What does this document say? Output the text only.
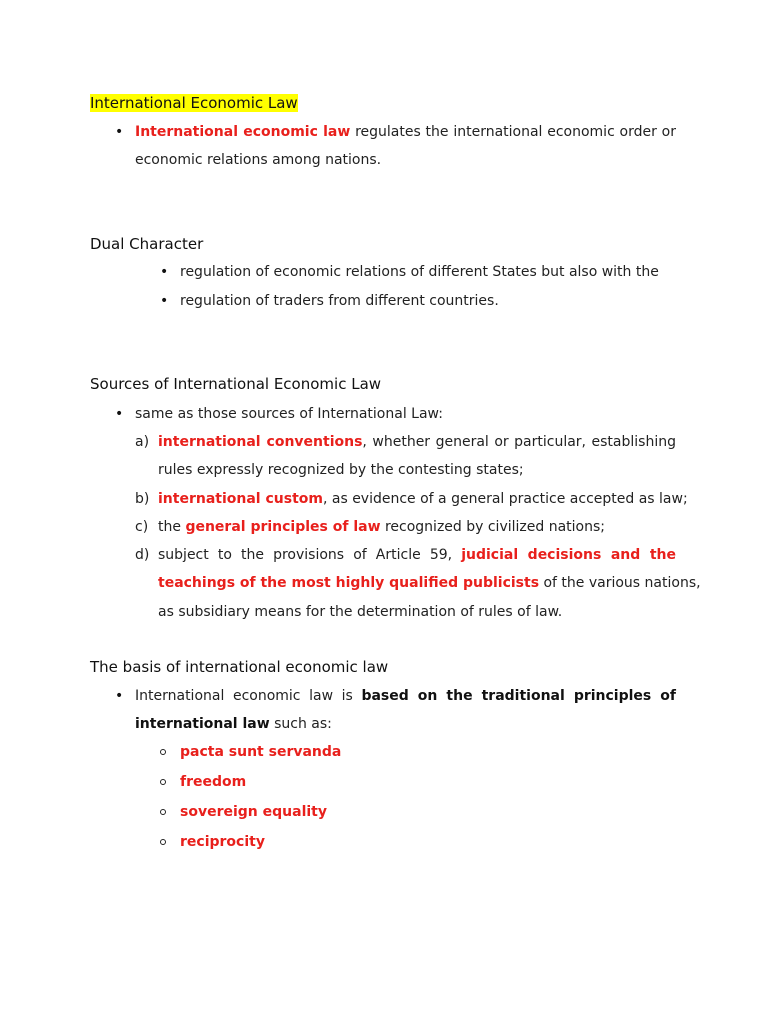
International Economic Law
• International economic law regulates the international economic order or
economic relations among nations.
Dual Character
• regulation of economic relations of different States but also with the
• regulation of traders from different countries.
Sources of International Economic Law
• same as those sources of International Law:
a) international conventions, whether general or particular, establishing
rules expressly recognized by the contesting states;
b) international custom, as evidence of a general practice accepted as law;
c) the general principles of law recognized by civilized nations;
d) subject to the provisions of Article 59, judicial decisions and the
teachings of the most highly qualified publicists of the various nations,
as subsidiary means for the determination of rules of law.
The basis of international economic law
• International economic law is based on the traditional principles of
international law such as:
pacta sunt servanda
freedom
sovereign equality
reciprocity
